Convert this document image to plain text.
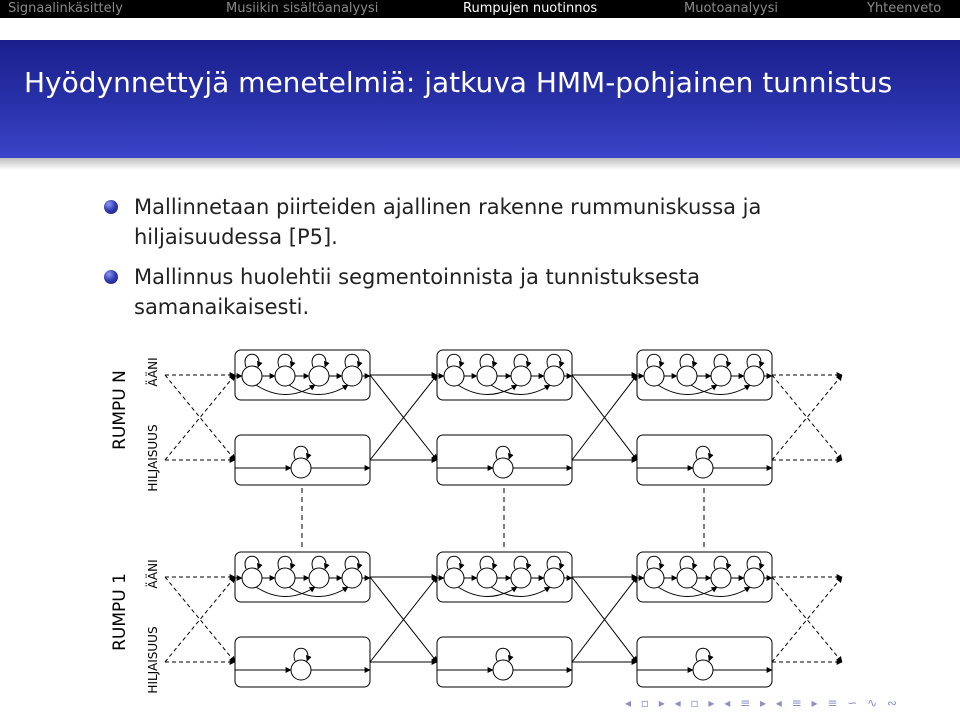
Signaalinkäsittely	Musiikin sisältöanalyysi	Rumpujen nuotinnos	Muotoanalyysi	Yhteenveto
Hyödynnettyjä menetelmiä: jatkuva HMM-pohjainen tunnistus
Mallinnetaan piirteiden ajallinen rakenne rummuniskussa ja hiljaisuudessa [P5].
Mallinnus huolehtii segmentoinnista ja tunnistuksesta samanaikaisesti.
RUMPU N ÄÄNI
HILJAISUUS
RUMPU 1 ÄÄNI
HILJAISUUS
◂ ▫ ▸ ◂ ▫ ▸ ◂ ≡ ▸ ◂ ≡ ▸ ≡ ∽ ∿ ∾
